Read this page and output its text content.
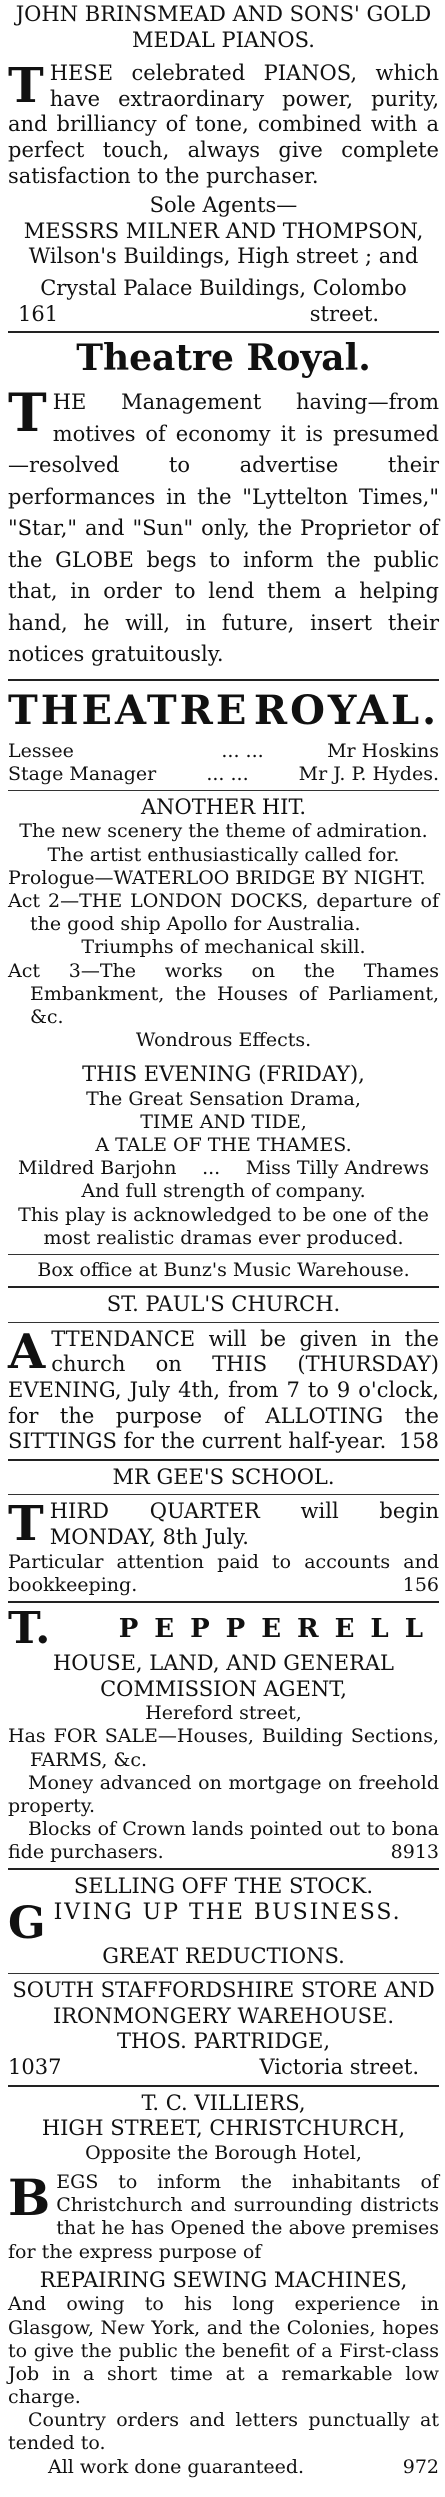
JOHN BRINSMEAD AND SONS' GOLD
MEDAL PIANOS.
THESE celebrated PIANOS, which have extraordinary power, purity, and brilliancy of tone, combined with a perfect touch, always give complete satisfaction to the purchaser.
Sole Agents—
MESSRS MILNER AND THOMPSON,
Wilson's Buildings, High street ; and
Crystal Palace Buildings, Colombo
161	street.
Theatre Royal.
THE Management having—from motives of economy it is presumed—resolved to advertise their performances in the "Lyttelton Times," "Star," and "Sun" only, the Proprietor of the GLOBE begs to inform the public that, in order to lend them a helping hand, he will, in future, insert their notices gratuitously.
THEATRE ROYAL.
Lessee	... ...	Mr Hoskins
Stage Manager	... ...	Mr J. P. Hydes.
ANOTHER HIT.
The new scenery the theme of admiration.
The artist enthusiastically called for.
Prologue—WATERLOO BRIDGE BY NIGHT.
Act 2—THE LONDON DOCKS, departure of the good ship Apollo for Australia.
Triumphs of mechanical skill.
Act 3—The works on the Thames Embankment, the Houses of Parliament, &c.
Wondrous Effects.
THIS EVENING (FRIDAY),
The Great Sensation Drama,
TIME AND TIDE,
A TALE OF THE THAMES.
Mildred Barjohn ... Miss Tilly Andrews
And full strength of company.
This play is acknowledged to be one of the most realistic dramas ever produced.
Box office at Bunz's Music Warehouse.
ST. PAUL'S CHURCH.
ATTENDANCE will be given in the church on THIS (THURSDAY) EVENING, July 4th, from 7 to 9 o'clock, for the purpose of ALLOTING the SITTINGS for the current half-year. 158
MR GEE'S SCHOOL.
THIRD QUARTER will begin MONDAY, 8th July.
Particular attention paid to accounts and bookkeeping.	156
T.	PEPPERELL
HOUSE, LAND, AND GENERAL
COMMISSION AGENT,
Hereford street,
Has FOR SALE—Houses, Building Sections, FARMS, &c.
Money advanced on mortgage on freehold property.
Blocks of Crown lands pointed out to bona fide purchasers.	8913
SELLING OFF THE STOCK.
GIVING UP THE BUSINESS.
GREAT REDUCTIONS.
SOUTH STAFFORDSHIRE STORE AND
IRONMONGERY WAREHOUSE.
THOS. PARTRIDGE,
1037	Victoria street.
T. C. VILLIERS,
HIGH STREET, CHRISTCHURCH,
Opposite the Borough Hotel,
BEGS to inform the inhabitants of Christchurch and surrounding districts that he has Opened the above premises for the express purpose of
REPAIRING SEWING MACHINES,
And owing to his long experience in Glasgow, New York, and the Colonies, hopes to give the public the benefit of a First-class Job in a short time at a remarkable low charge.
Country orders and letters punctually at tended to.
All work done guaranteed.	972
